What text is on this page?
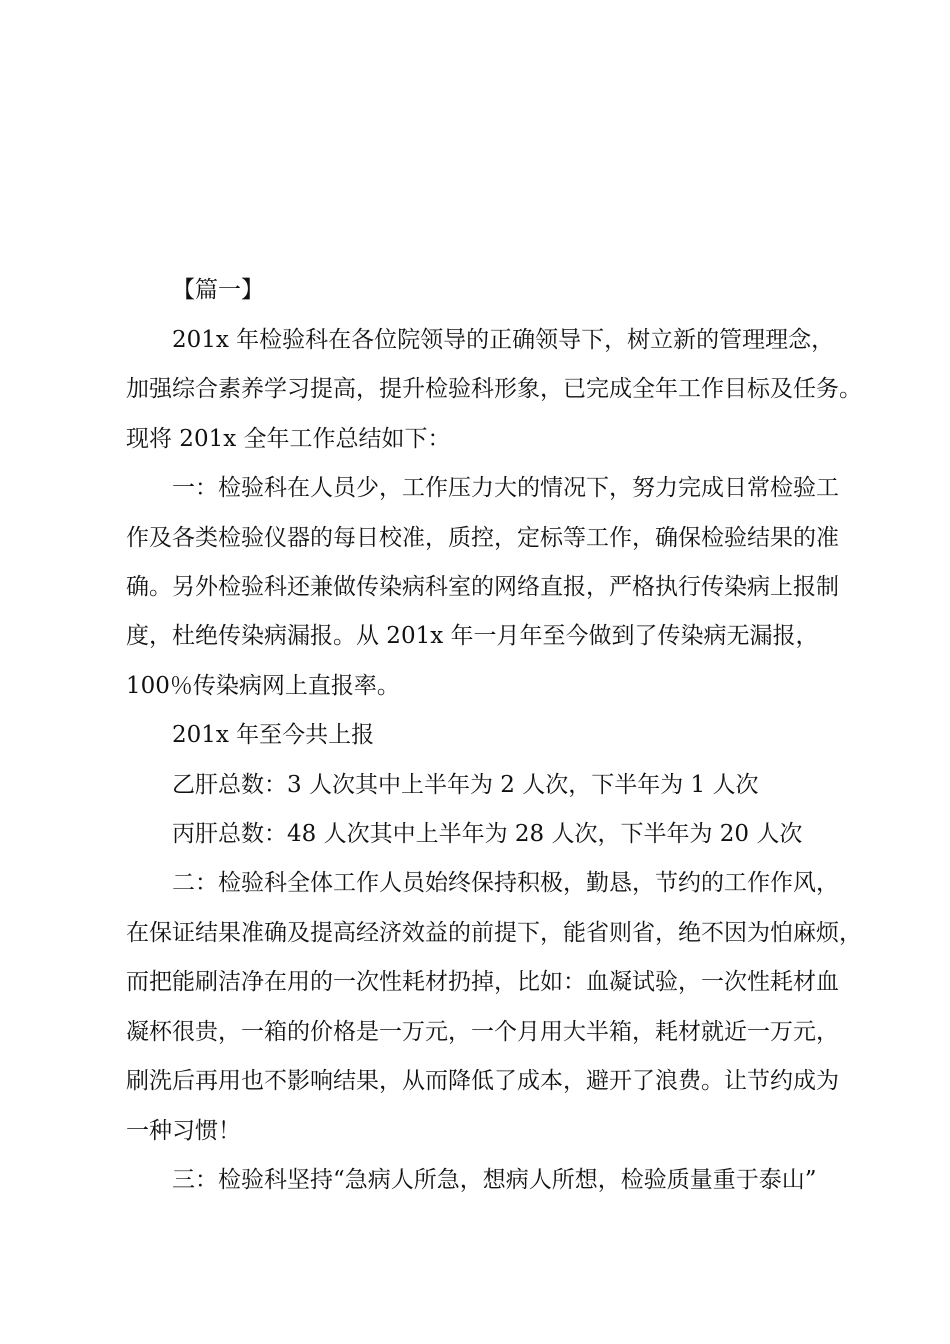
【篇一】
201x 年检验科在各位院领导的正确领导下，树立新的管理理念，
加强综合素养学习提高，提升检验科形象，已完成全年工作目标及任务。
现将 201x 全年工作总结如下：
一：检验科在人员少，工作压力大的情况下，努力完成日常检验工
作及各类检验仪器的每日校准，质控，定标等工作，确保检验结果的准
确。另外检验科还兼做传染病科室的网络直报，严格执行传染病上报制
度，杜绝传染病漏报。从 201x 年一月年至今做到了传染病无漏报，
100％传染病网上直报率。
201x 年至今共上报
乙肝总数：3 人次其中上半年为 2 人次，下半年为 1 人次
丙肝总数：48 人次其中上半年为 28 人次，下半年为 20 人次
二：检验科全体工作人员始终保持积极，勤恳，节约的工作作风，
在保证结果准确及提高经济效益的前提下，能省则省，绝不因为怕麻烦，
而把能刷洁净在用的一次性耗材扔掉，比如：血凝试验，一次性耗材血
凝杯很贵，一箱的价格是一万元，一个月用大半箱，耗材就近一万元，
刷洗后再用也不影响结果，从而降低了成本，避开了浪费。让节约成为
一种习惯！
三：检验科坚持“急病人所急，想病人所想，检验质量重于泰山”
